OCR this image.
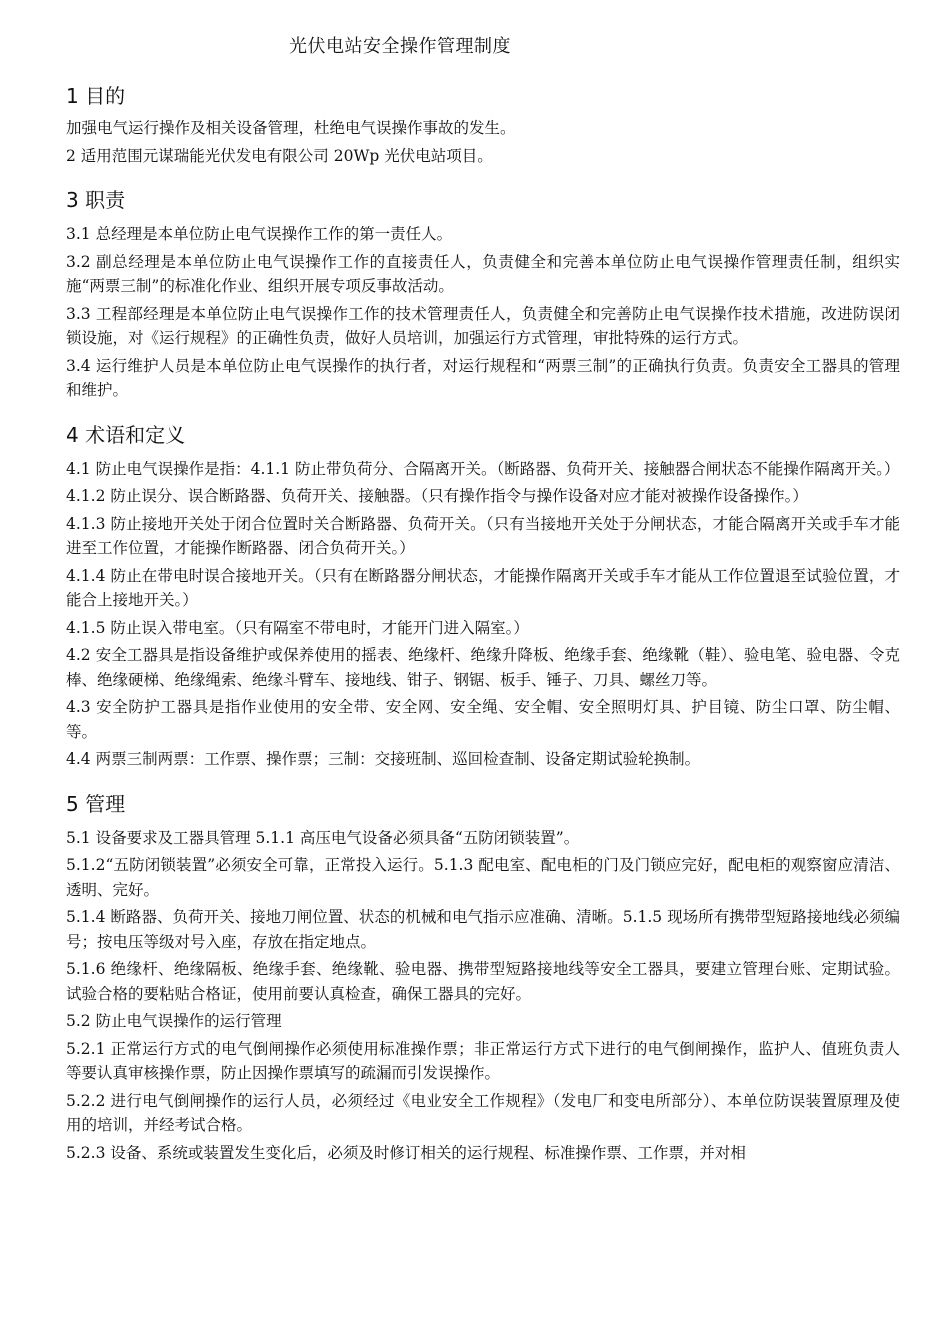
光伏电站安全操作管理制度
1 目的

加强电气运行操作及相关设备管理，杜绝电气误操作事故的发生。

2 适用范围元谋瑞能光伏发电有限公司 20Wp 光伏电站项目。

3 职责

3.1 总经理是本单位防止电气误操作工作的第一责任人。

3.2 副总经理是本单位防止电气误操作工作的直接责任人，负责健全和完善本单位防止电气误操作管理责任制，组织实施“两票三制”的标准化作业、组织开展专项反事故活动。

3.3 工程部经理是本单位防止电气误操作工作的技术管理责任人，负责健全和完善防止电气误操作技术措施，改进防误闭锁设施，对《运行规程》的正确性负责，做好人员培训，加强运行方式管理，审批特殊的运行方式。

3.4 运行维护人员是本单位防止电气误操作的执行者，对运行规程和“两票三制”的正确执行负责。负责安全工器具的管理和维护。

4 术语和定义

4.1 防止电气误操作是指：4.1.1 防止带负荷分、合隔离开关。（断路器、负荷开关、接触器合闸状态不能操作隔离开关。）

4.1.2 防止误分、误合断路器、负荷开关、接触器。（只有操作指令与操作设备对应才能对被操作设备操作。）

4.1.3 防止接地开关处于闭合位置时关合断路器、负荷开关。（只有当接地开关处于分闸状态，才能合隔离开关或手车才能进至工作位置，才能操作断路器、闭合负荷开关。）

4.1.4 防止在带电时误合接地开关。（只有在断路器分闸状态，才能操作隔离开关或手车才能从工作位置退至试验位置，才能合上接地开关。）

4.1.5 防止误入带电室。（只有隔室不带电时，才能开门进入隔室。）

4.2 安全工器具是指设备维护或保养使用的摇表、绝缘杆、绝缘升降板、绝缘手套、绝缘靴（鞋）、验电笔、验电器、令克棒、绝缘硬梯、绝缘绳索、绝缘斗臂车、接地线、钳子、钢锯、板手、锤子、刀具、螺丝刀等。

4.3 安全防护工器具是指作业使用的安全带、安全网、安全绳、安全帽、安全照明灯具、护目镜、防尘口罩、防尘帽、等。

4.4 两票三制两票：工作票、操作票；三制：交接班制、巡回检查制、设备定期试验轮换制。

5 管理

5.1 设备要求及工器具管理 5.1.1 高压电气设备必须具备“五防闭锁装置”。

5.1.2“五防闭锁装置”必须安全可靠，正常投入运行。5.1.3 配电室、配电柜的门及门锁应完好，配电柜的观察窗应清洁、透明、完好。

5.1.4 断路器、负荷开关、接地刀闸位置、状态的机械和电气指示应准确、清晰。5.1.5 现场所有携带型短路接地线必须编号；按电压等级对号入座，存放在指定地点。

5.1.6 绝缘杆、绝缘隔板、绝缘手套、绝缘靴、验电器、携带型短路接地线等安全工器具，要建立管理台账、定期试验。试验合格的要粘贴合格证，使用前要认真检查，确保工器具的完好。

5.2 防止电气误操作的运行管理

5.2.1 正常运行方式的电气倒闸操作必须使用标准操作票；非正常运行方式下进行的电气倒闸操作，监护人、值班负责人等要认真审核操作票，防止因操作票填写的疏漏而引发误操作。

5.2.2 进行电气倒闸操作的运行人员，必须经过《电业安全工作规程》（发电厂和变电所部分）、本单位防误装置原理及使用的培训，并经考试合格。

5.2.3 设备、系统或装置发生变化后，必须及时修订相关的运行规程、标准操作票、工作票，并对相
